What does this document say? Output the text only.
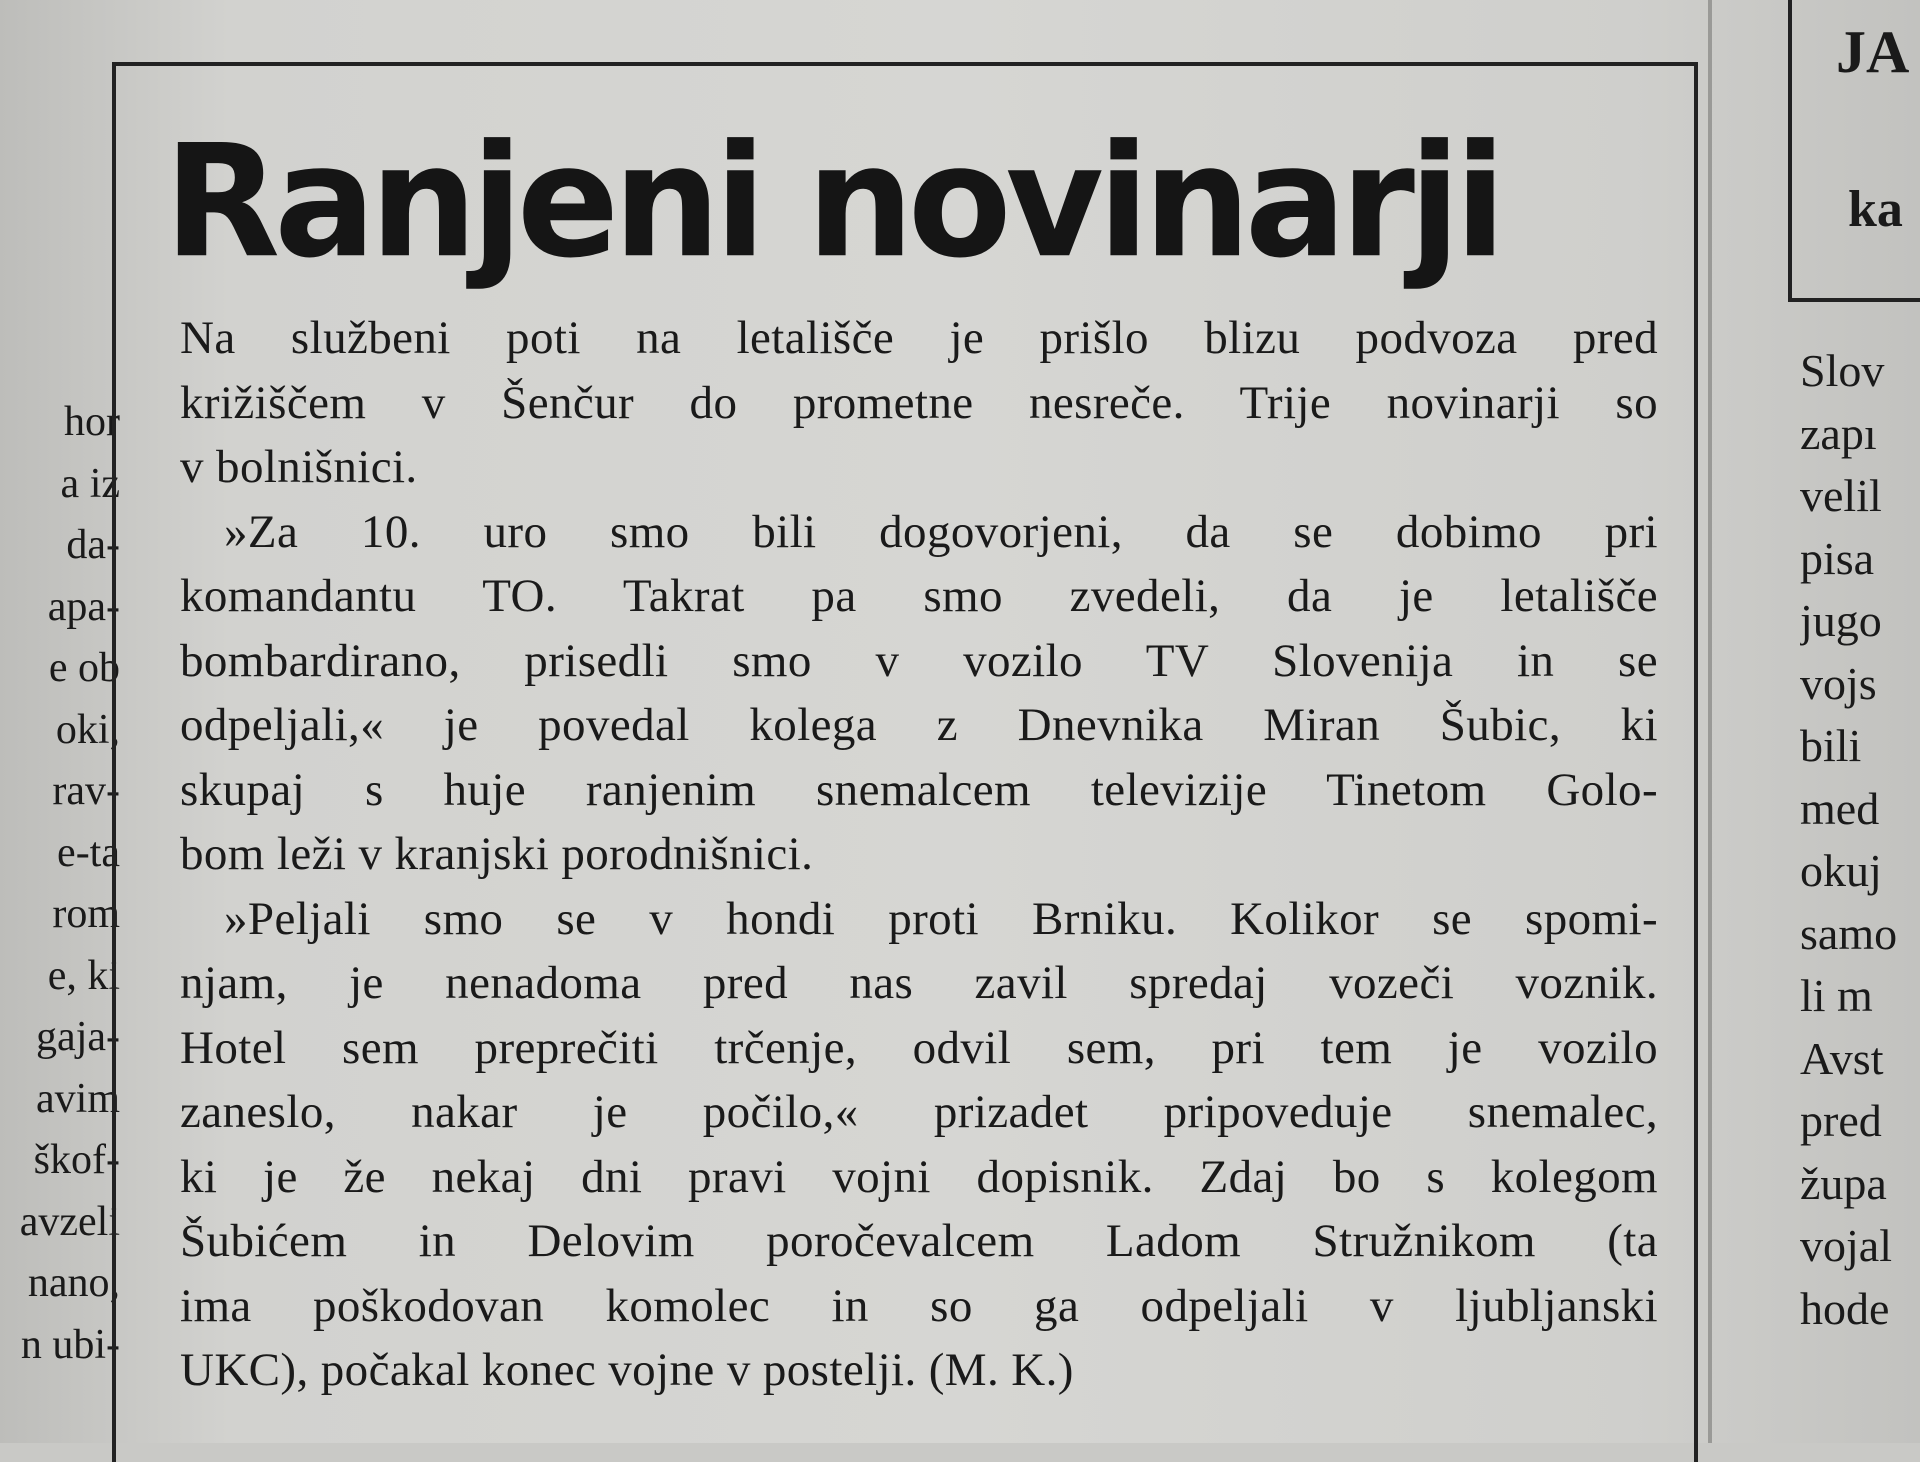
hor
a iz
da-
apa-
e ob
oki,
rav-
e-ta
rom
e, ki
gaja-
avim
škof-
avzeli
nano,
n ubi-
Ranjeni novinarji
Na službeni poti na letališče je prišlo blizu podvoza pred
križiščem v Šenčur do prometne nesreče. Trije novinarji so
v bolnišnici.
»Za 10. uro smo bili dogovorjeni, da se dobimo pri
komandantu TO. Takrat pa smo zvedeli, da je letališče
bombardirano, prisedli smo v vozilo TV Slovenija in se
odpeljali,« je povedal kolega z Dnevnika Miran Šubic, ki
skupaj s huje ranjenim snemalcem televizije Tinetom Golo-
bom leži v kranjski porodnišnici.
»Peljali smo se v hondi proti Brniku. Kolikor se spomi-
njam, je nenadoma pred nas zavil spredaj vozeči voznik.
Hotel sem preprečiti trčenje, odvil sem, pri tem je vozilo
zaneslo, nakar je počilo,« prizadet pripoveduje snemalec,
ki je že nekaj dni pravi vojni dopisnik. Zdaj bo s kolegom
Šubićem in Delovim poročevalcem Ladom Stružnikom (ta
ima poškodovan komolec in so ga odpeljali v ljubljanski
UKC), počakal konec vojne v postelji. (M. K.)
JA
ka
Slov
zapı
velil
pisa
jugo
vojs
bili
med
okuj
samo
li m
Avst
pred
župa
vojal
hode
